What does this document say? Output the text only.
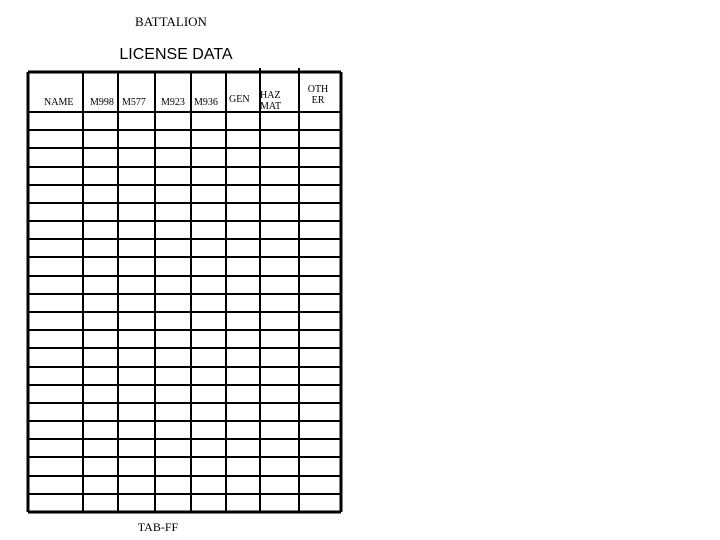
BATTALION
LICENSE DATA
NAME M998 M577 M923 M936 GEN HAZ
MAT
OTH
ER
TAB-FF
